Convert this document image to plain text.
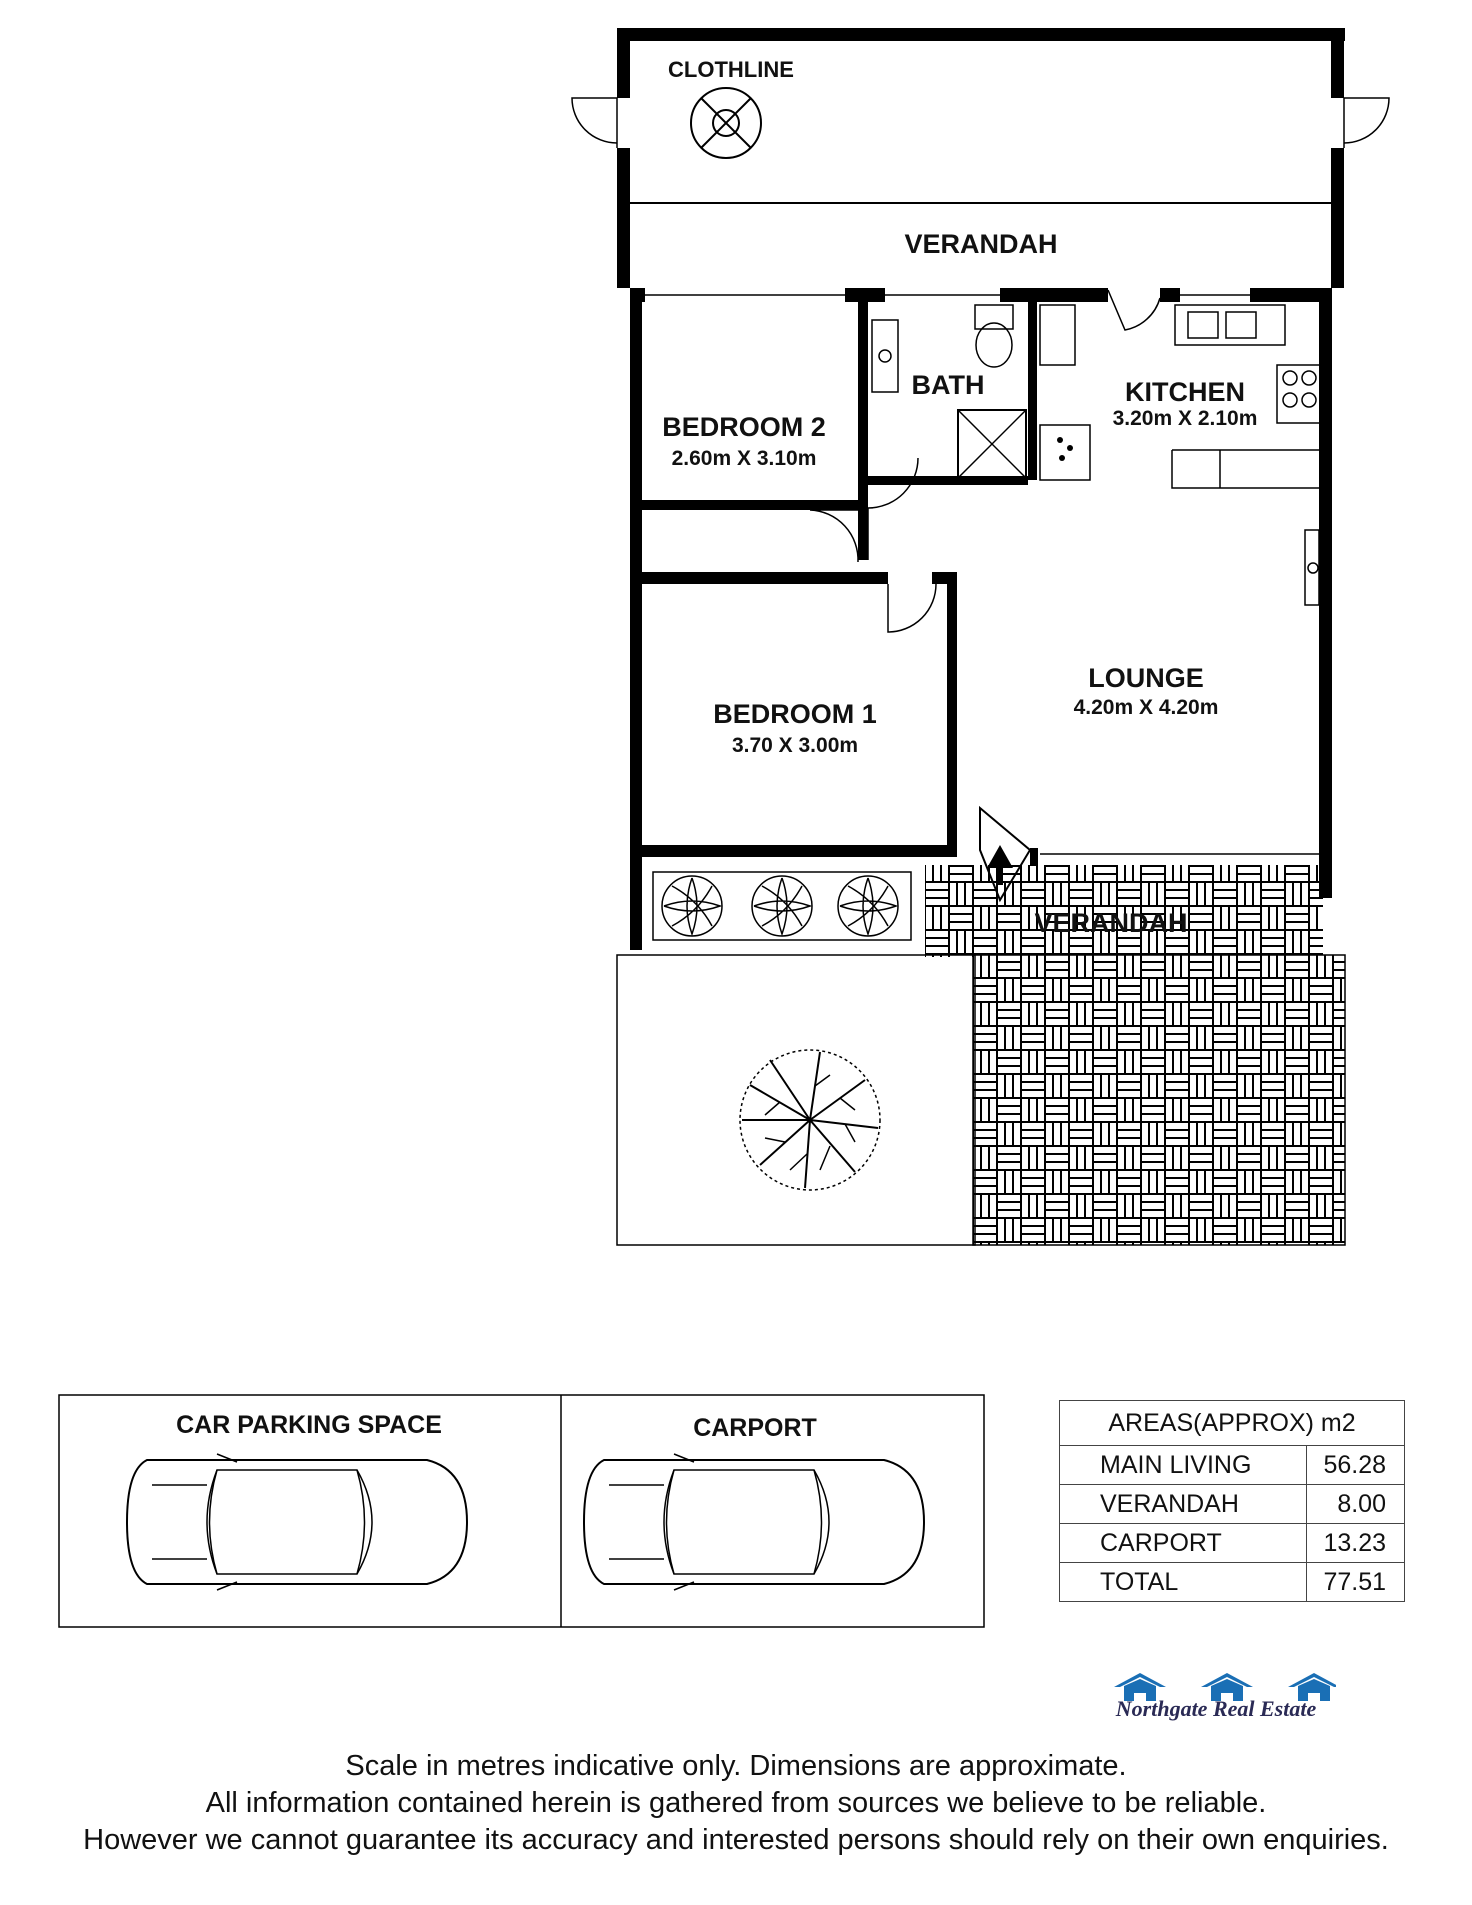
CLOTHLINE
VERANDAH
BEDROOM 2
2.60m X 3.10m
BATH	KITCHEN
3.20m X 2.10m
LOUNGE
4.20m X 4.20m
BEDROOM 1
3.70 X 3.00m
VERANDAH
CAR PARKING SPACE	CARPORT	AREAS(APPROX) m2	
MAIN LIVING	56.28
VERANDAH	8.00
CARPORT	13.23
TOTAL	77.51
Northgate Real Estate
Scale in metres indicative only. Dimensions are approximate.
All information contained herein is gathered from sources we believe to be reliable.
However we cannot guarantee its accuracy and interested persons should rely on their own enquiries.
